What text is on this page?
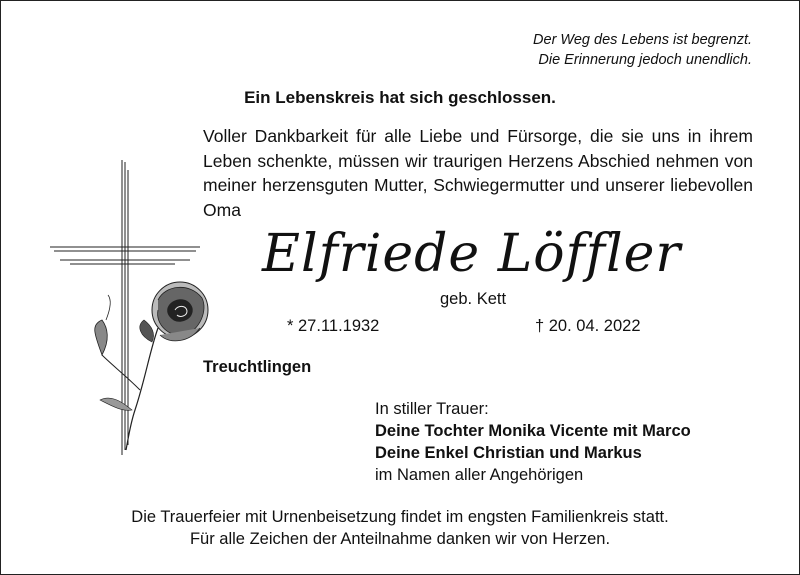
Der Weg des Lebens ist begrenzt.
Die Erinnerung jedoch unendlich.
Ein Lebenskreis hat sich geschlossen.
Voller Dankbarkeit für alle Liebe und Fürsorge, die sie uns in ihrem Leben schenkte, müssen wir traurigen Herzens Abschied nehmen von meiner herzensguten Mutter, Schwiegermutter und unserer liebevollen Oma
Elfriede Löffler
geb. Kett
* 27.11.1932	† 20. 04. 2022
Treuchtlingen
In stiller Trauer:
Deine Tochter Monika Vicente mit Marco
Deine Enkel Christian und Markus
im Namen aller Angehörigen
Die Trauerfeier mit Urnenbeisetzung findet im engsten Familienkreis statt.
Für alle Zeichen der Anteilnahme danken wir von Herzen.
